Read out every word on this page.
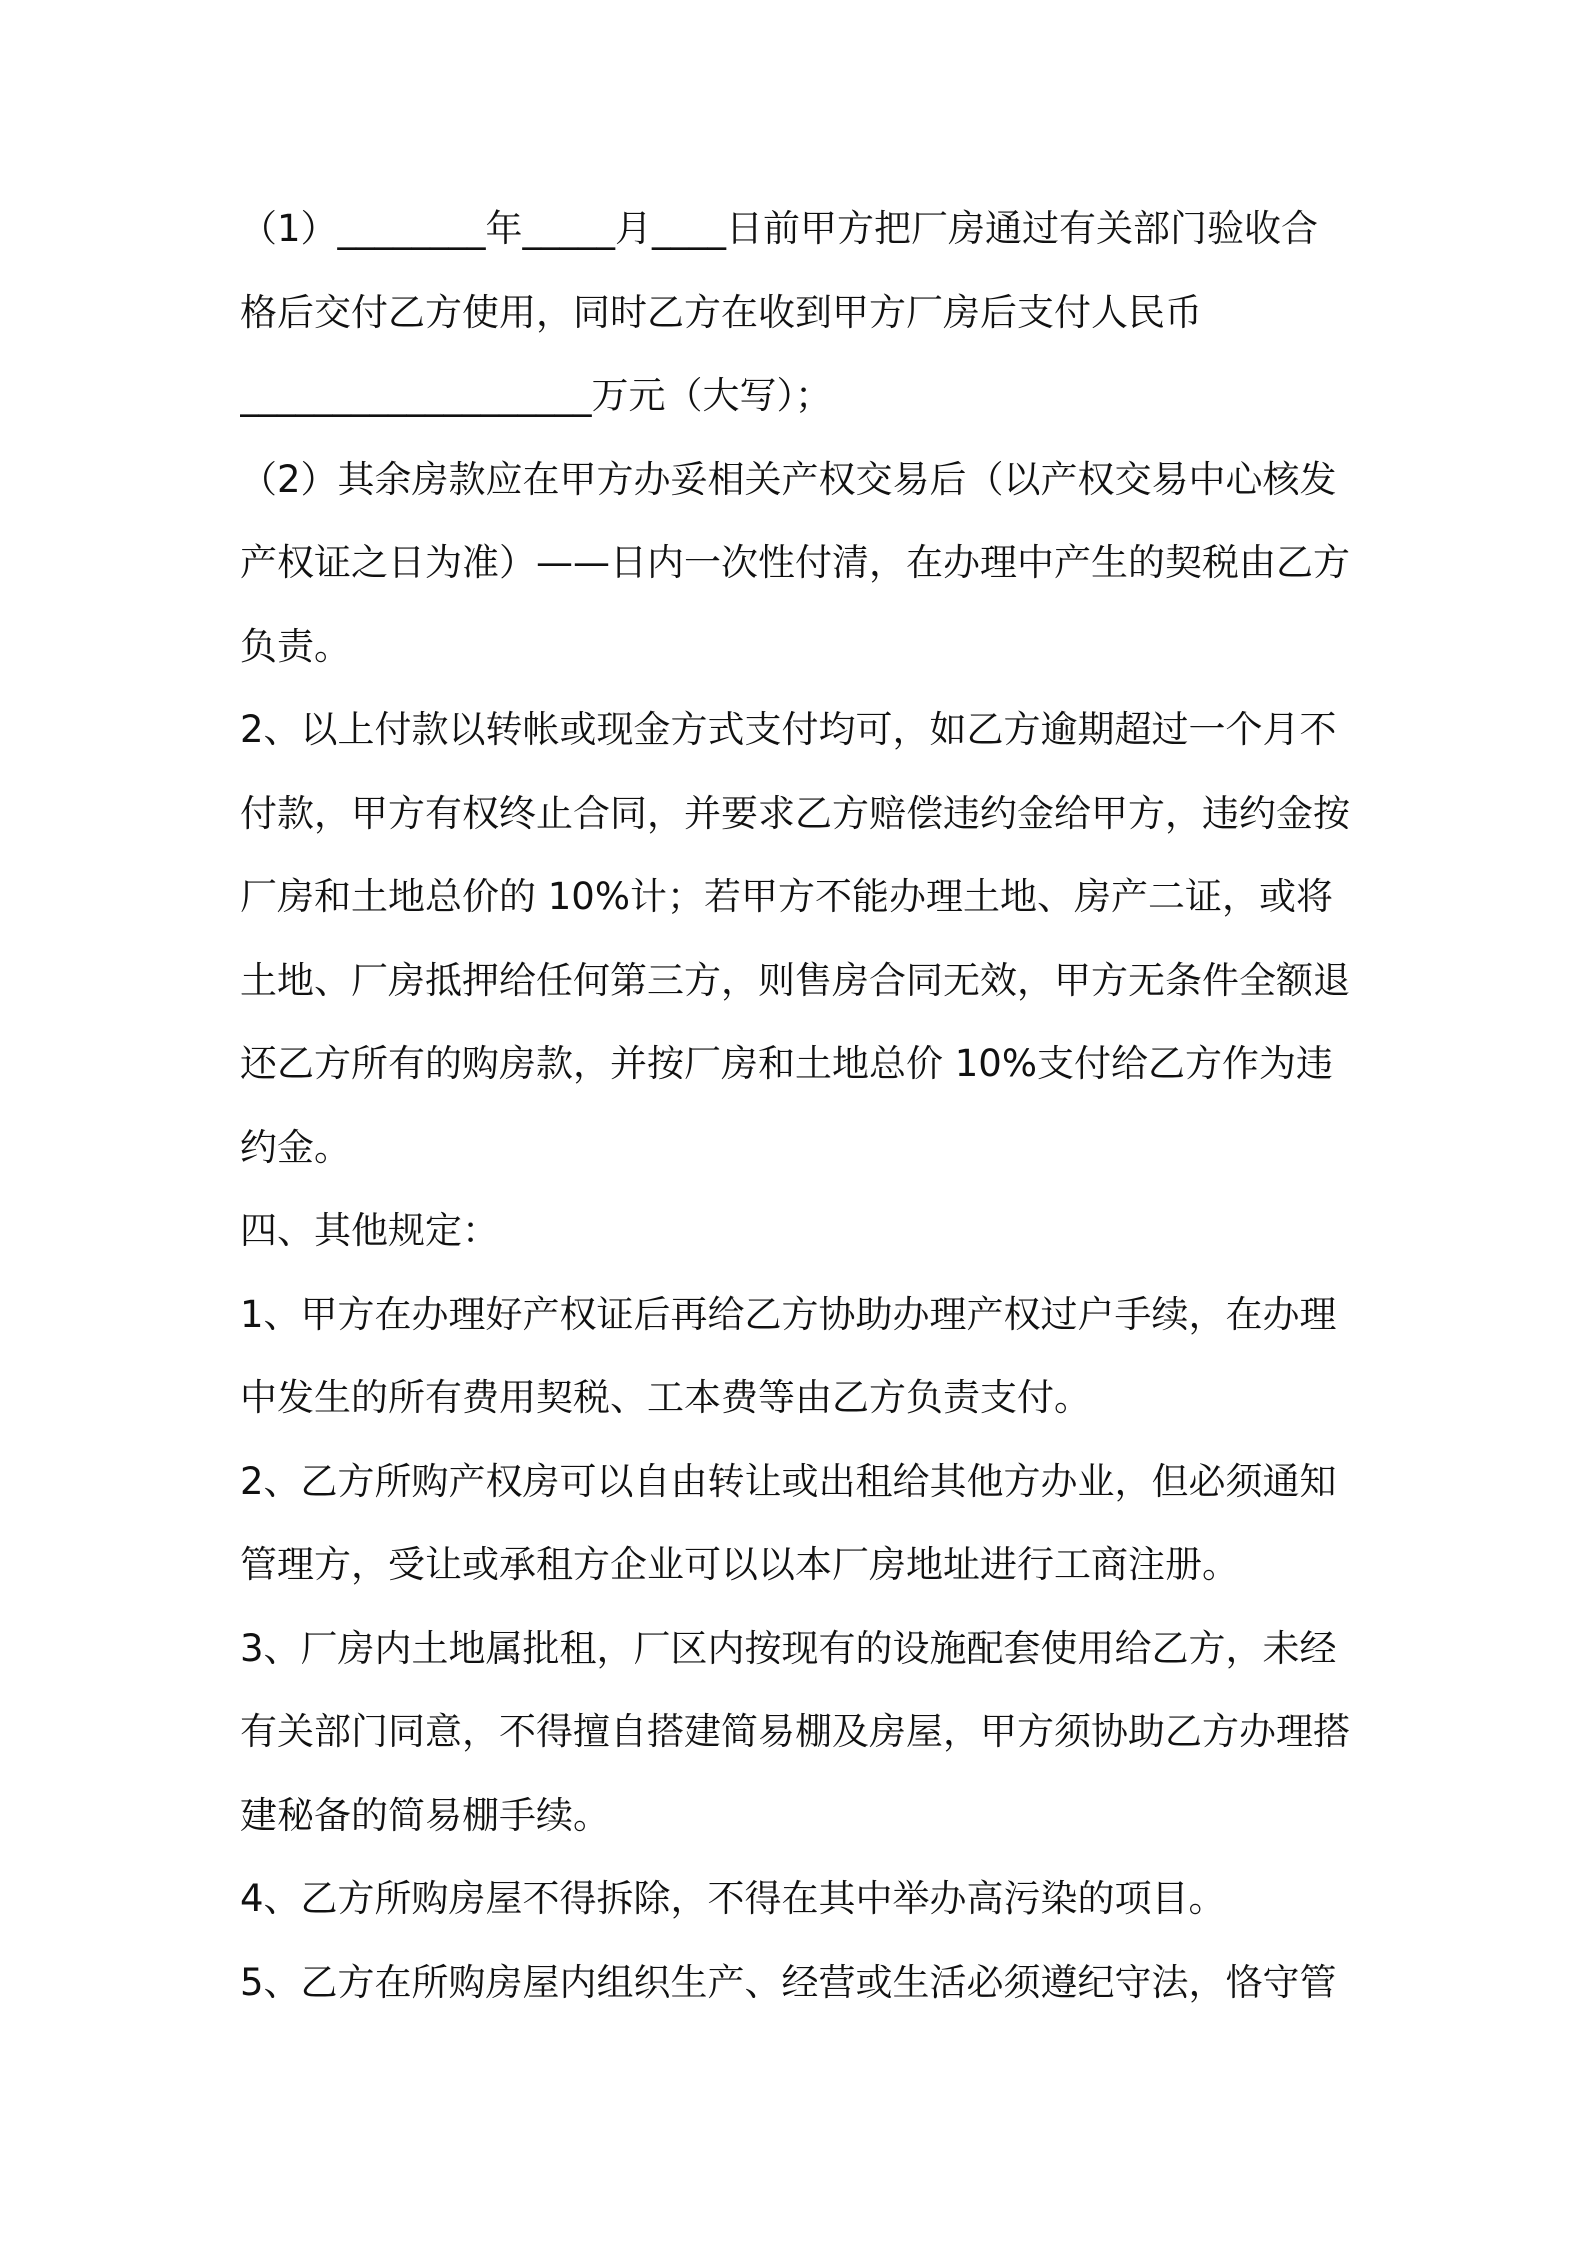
（1）________年_____月____日前甲方把厂房通过有关部门验收合
格后交付乙方使用，同时乙方在收到甲方厂房后支付人民币
___________________万元（大写）；
（2）其余房款应在甲方办妥相关产权交易后（以产权交易中心核发
产权证之日为准）——日内一次性付清，在办理中产生的契税由乙方
负责。
2、以上付款以转帐或现金方式支付均可，如乙方逾期超过一个月不
付款，甲方有权终止合同，并要求乙方赔偿违约金给甲方，违约金按
厂房和土地总价的 10%计；若甲方不能办理土地、房产二证，或将
土地、厂房抵押给任何第三方，则售房合同无效，甲方无条件全额退
还乙方所有的购房款，并按厂房和土地总价 10%支付给乙方作为违
约金。
四、其他规定：
1、甲方在办理好产权证后再给乙方协助办理产权过户手续，在办理
中发生的所有费用契税、工本费等由乙方负责支付。
2、乙方所购产权房可以自由转让或出租给其他方办业，但必须通知
管理方，受让或承租方企业可以以本厂房地址进行工商注册。
3、厂房内土地属批租，厂区内按现有的设施配套使用给乙方，未经
有关部门同意，不得擅自搭建简易棚及房屋，甲方须协助乙方办理搭
建秘备的简易棚手续。
4、乙方所购房屋不得拆除，不得在其中举办高污染的项目。
5、乙方在所购房屋内组织生产、经营或生活必须遵纪守法，恪守管
